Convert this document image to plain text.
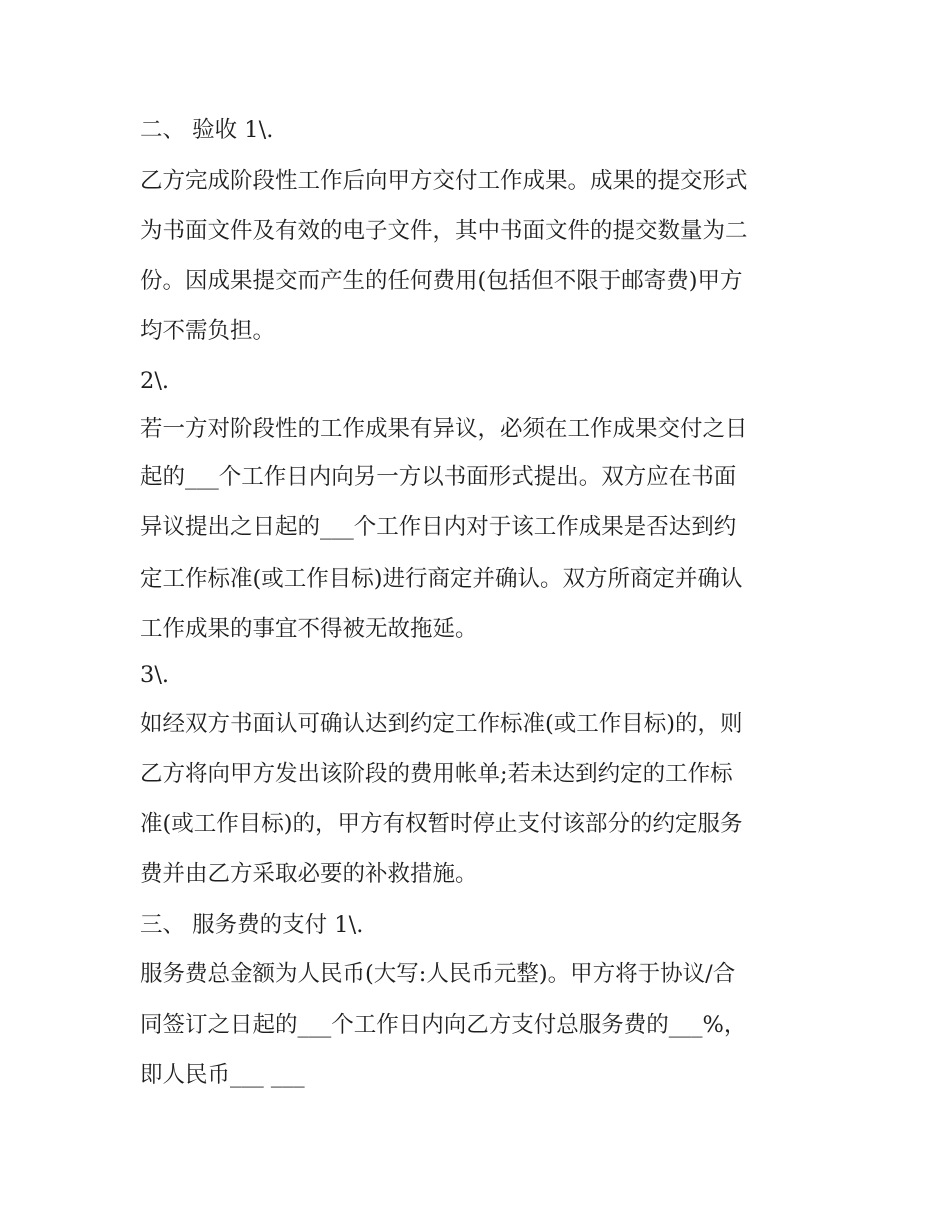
二、 验收 1\.
乙方完成阶段性工作后向甲方交付工作成果。成果的提交形式
为书面文件及有效的电子文件，其中书面文件的提交数量为二
份。因成果提交而产生的任何费用(包括但不限于邮寄费)甲方
均不需负担。
2\.
若一方对阶段性的工作成果有异议，必须在工作成果交付之日
起的___个工作日内向另一方以书面形式提出。双方应在书面
异议提出之日起的___个工作日内对于该工作成果是否达到约
定工作标准(或工作目标)进行商定并确认。双方所商定并确认
工作成果的事宜不得被无故拖延。
3\.
如经双方书面认可确认达到约定工作标准(或工作目标)的，则
乙方将向甲方发出该阶段的费用帐单;若未达到约定的工作标
准(或工作目标)的，甲方有权暂时停止支付该部分的约定服务
费并由乙方采取必要的补救措施。
三、 服务费的支付 1\.
服务费总金额为人民币(大写:人民币元整)。甲方将于协议/合
同签订之日起的___个工作日内向乙方支付总服务费的___%，
即人民币___ ___
